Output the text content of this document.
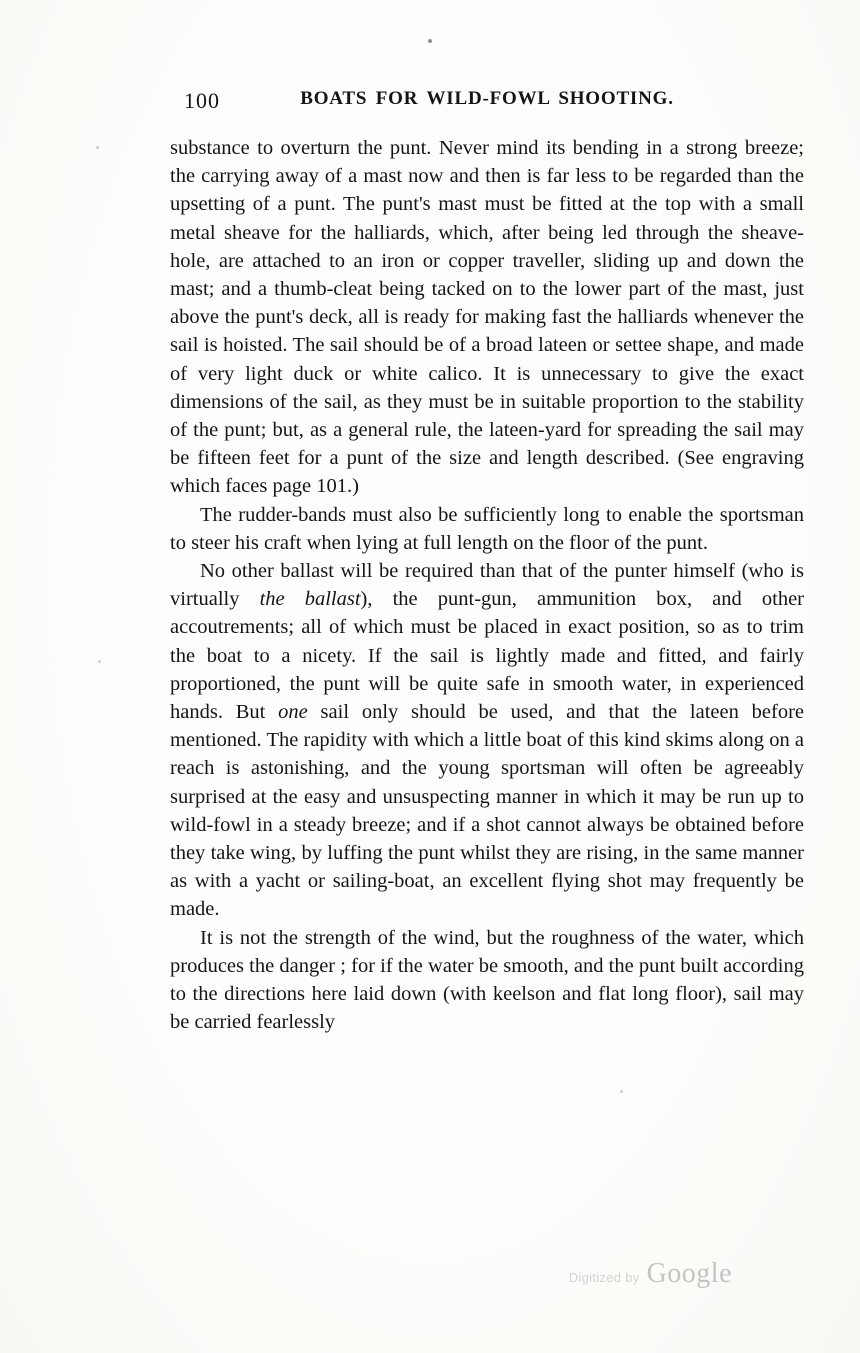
100	BOATS FOR WILD-FOWL SHOOTING.

substance to overturn the punt. Never mind its bending in a strong breeze; the carrying away of a mast now and then is far less to be regarded than the upsetting of a punt. The punt's mast must be fitted at the top with a small metal sheave for the halliards, which, after being led through the sheave-hole, are attached to an iron or copper traveller, sliding up and down the mast; and a thumb-cleat being tacked on to the lower part of the mast, just above the punt's deck, all is ready for making fast the halliards whenever the sail is hoisted. The sail should be of a broad lateen or settee shape, and made of very light duck or white calico. It is unnecessary to give the exact dimensions of the sail, as they must be in suitable proportion to the stability of the punt; but, as a general rule, the lateen-yard for spreading the sail may be fifteen feet for a punt of the size and length described. (See engraving which faces page 101.)

The rudder-bands must also be sufficiently long to enable the sportsman to steer his craft when lying at full length on the floor of the punt.

No other ballast will be required than that of the punter himself (who is virtually the ballast), the punt-gun, ammunition box, and other accoutrements; all of which must be placed in exact position, so as to trim the boat to a nicety. If the sail is lightly made and fitted, and fairly proportioned, the punt will be quite safe in smooth water, in experienced hands. But one sail only should be used, and that the lateen before mentioned. The rapidity with which a little boat of this kind skims along on a reach is astonishing, and the young sportsman will often be agreeably surprised at the easy and unsuspecting manner in which it may be run up to wild-fowl in a steady breeze; and if a shot cannot always be obtained before they take wing, by luffing the punt whilst they are rising, in the same manner as with a yacht or sailing-boat, an excellent flying shot may frequently be made.

It is not the strength of the wind, but the roughness of the water, which produces the danger ; for if the water be smooth, and the punt built according to the directions here laid down (with keelson and flat long floor), sail may be carried fearlessly

Digitized by Google
